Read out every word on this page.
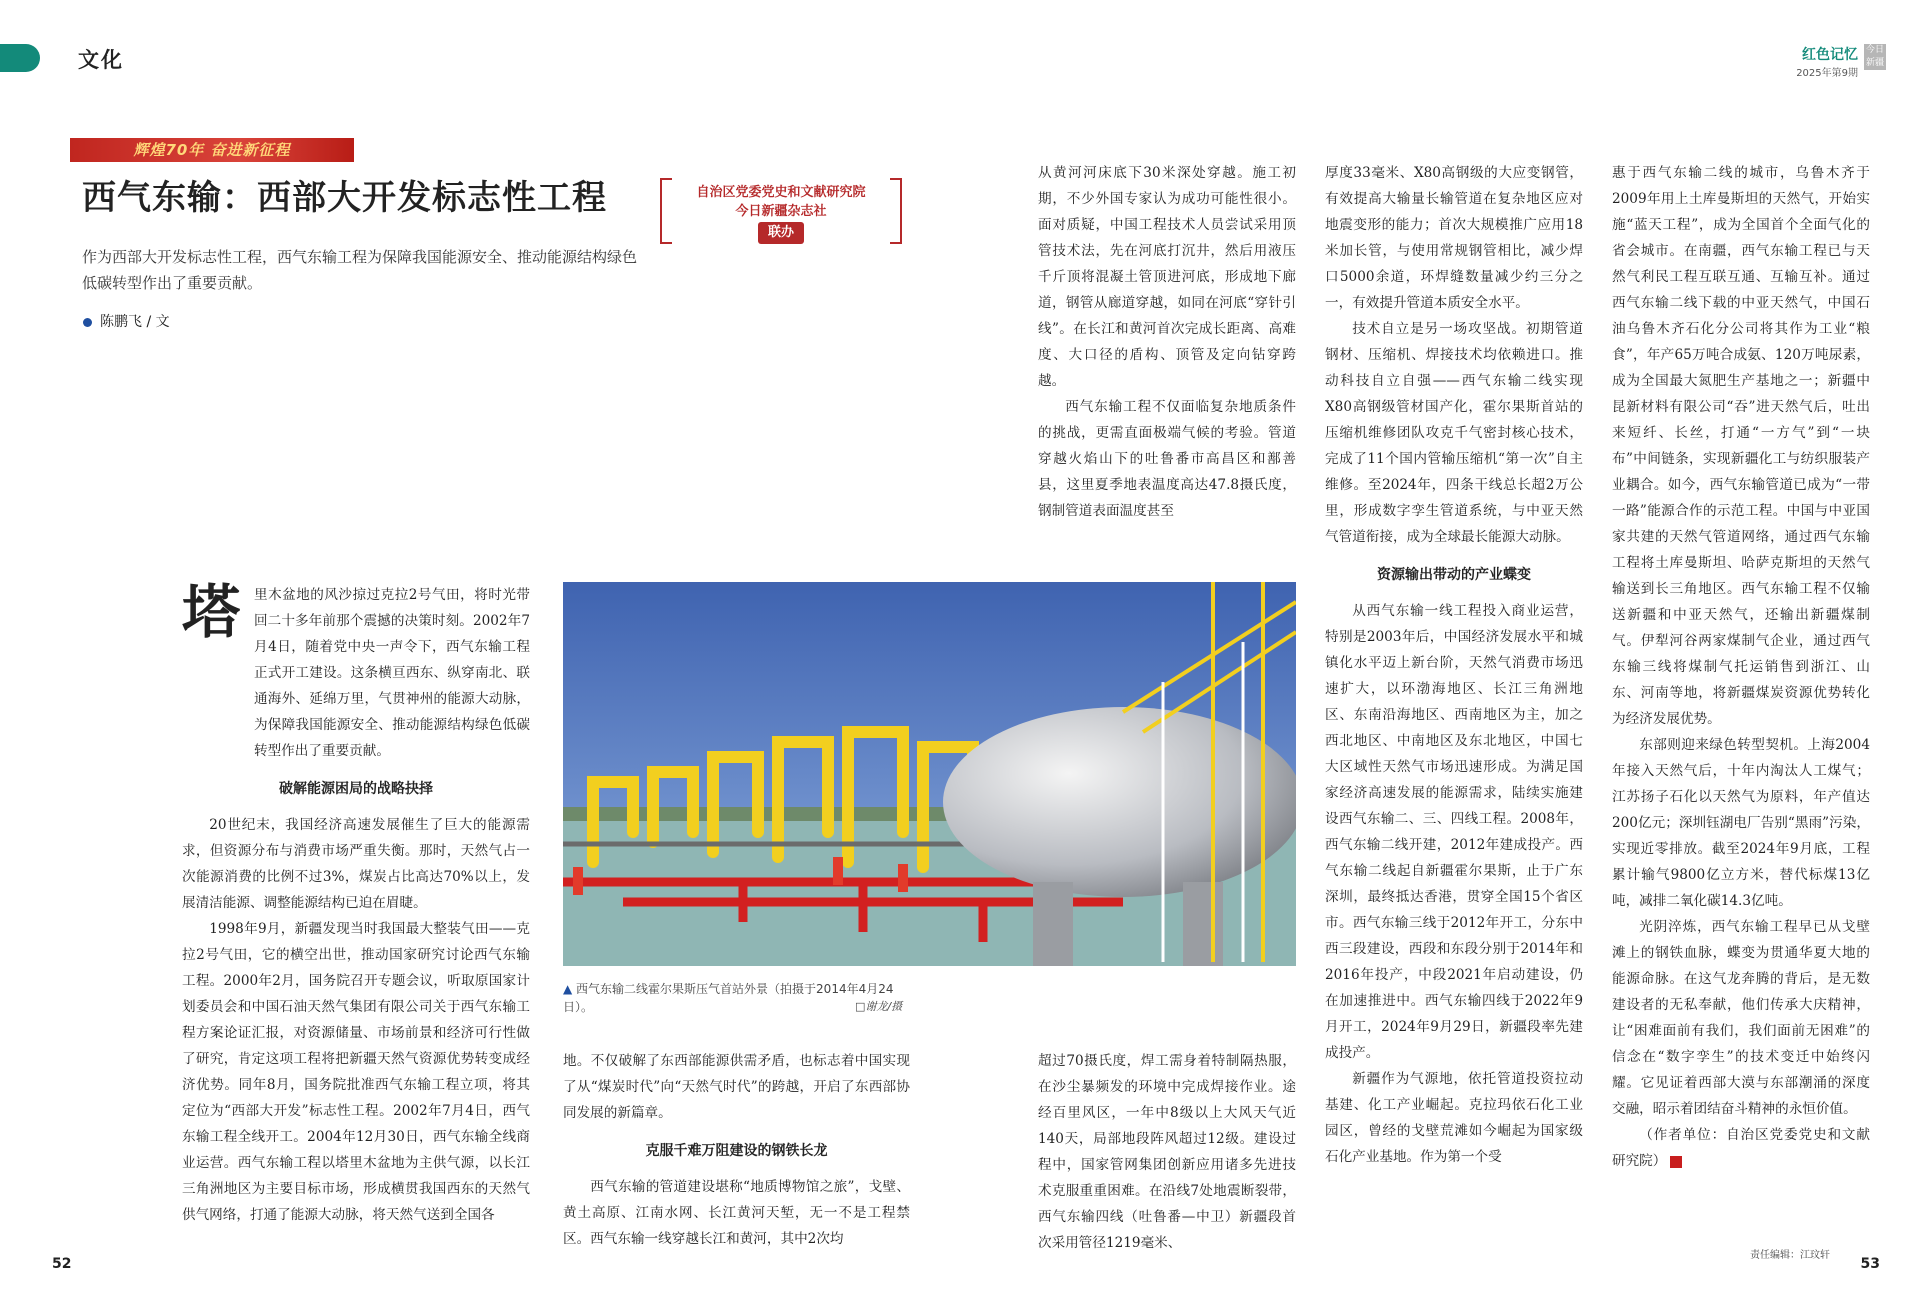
文化	红色记忆
2025年第9期
今日新疆
辉煌70年 奋进新征程
西气东输：西部大开发标志性工程
作为西部大开发标志性工程，西气东输工程为保障我国能源安全、推动能源结构绿色低碳转型作出了重要贡献。
陈鹏飞 / 文
自治区党委党史和文献研究院
今日新疆杂志社
联办
塔	里木盆地的风沙掠过克拉2号气田，将时光带回二十多年前那个震撼的决策时刻。2002年7月4日，随着党中央一声令下，西气东输工程正式开工建设。这条横亘西东、纵穿南北、联通海外、延绵万里，气贯神州的能源大动脉，为保障我国能源安全、推动能源结构绿色低碳转型作出了重要贡献。

破解能源困局的战略抉择

20世纪末，我国经济高速发展催生了巨大的能源需求，但资源分布与消费市场严重失衡。那时，天然气占一次能源消费的比例不过3%，煤炭占比高达70%以上，发展清洁能源、调整能源结构已迫在眉睫。

1998年9月，新疆发现当时我国最大整装气田——克拉2号气田，它的横空出世，推动国家研究讨论西气东输工程。2000年2月，国务院召开专题会议，听取原国家计划委员会和中国石油天然气集团有限公司关于西气东输工程方案论证汇报，对资源储量、市场前景和经济可行性做了研究，肯定这项工程将把新疆天然气资源优势转变成经济优势。同年8月，国务院批准西气东输工程立项，将其定位为“西部大开发”标志性工程。2002年7月4日，西气东输工程全线开工。2004年12月30日，西气东输全线商业运营。西气东输工程以塔里木盆地为主供气源，以长江三角洲地区为主要目标市场，形成横贯我国西东的天然气供气网络，打通了能源大动脉，将天然气送到全国各

▲ 西气东输二线霍尔果斯压气首站外景（拍摄于2014年4月24日）。	□谢龙/摄

地。不仅破解了东西部能源供需矛盾，也标志着中国实现了从“煤炭时代”向“天然气时代”的跨越，开启了东西部协同发展的新篇章。

克服千难万阻建设的钢铁长龙

西气东输的管道建设堪称“地质博物馆之旅”，戈壁、黄土高原、江南水网、长江黄河天堑，无一不是工程禁区。西气东输一线穿越长江和黄河，其中2次均

从黄河河床底下30米深处穿越。施工初期，不少外国专家认为成功可能性很小。面对质疑，中国工程技术人员尝试采用顶管技术法，先在河底打沉井，然后用液压千斤顶将混凝土管顶进河底，形成地下廊道，钢管从廊道穿越，如同在河底“穿针引线”。在长江和黄河首次完成长距离、高难度、大口径的盾构、顶管及定向钻穿跨越。

西气东输工程不仅面临复杂地质条件的挑战，更需直面极端气候的考验。管道穿越火焰山下的吐鲁番市高昌区和鄯善县，这里夏季地表温度高达47.8摄氏度，钢制管道表面温度甚至

超过70摄氏度，焊工需身着特制隔热服，在沙尘暴频发的环境中完成焊接作业。途经百里风区，一年中8级以上大风天气近140天，局部地段阵风超过12级。建设过程中，国家管网集团创新应用诸多先进技术克服重重困难。在沿线7处地震断裂带，西气东输四线（吐鲁番—中卫）新疆段首次采用管径1219毫米、

厚度33毫米、X80高钢级的大应变钢管，有效提高大输量长输管道在复杂地区应对地震变形的能力；首次大规模推广应用18米加长管，与使用常规钢管相比，减少焊口5000余道，环焊缝数量减少约三分之一，有效提升管道本质安全水平。

技术自立是另一场攻坚战。初期管道钢材、压缩机、焊接技术均依赖进口。推动科技自立自强——西气东输二线实现X80高钢级管材国产化，霍尔果斯首站的压缩机维修团队攻克千气密封核心技术，完成了11个国内管输压缩机“第一次”自主维修。至2024年，四条干线总长超2万公里，形成数字孪生管道系统，与中亚天然气管道衔接，成为全球最长能源大动脉。

资源输出带动的产业蝶变

从西气东输一线工程投入商业运营，特别是2003年后，中国经济发展水平和城镇化水平迈上新台阶，天然气消费市场迅速扩大，以环渤海地区、长江三角洲地区、东南沿海地区、西南地区为主，加之西北地区、中南地区及东北地区，中国七大区域性天然气市场迅速形成。为满足国家经济高速发展的能源需求，陆续实施建设西气东输二、三、四线工程。2008年，西气东输二线开建，2012年建成投产。西气东输二线起自新疆霍尔果斯，止于广东深圳，最终抵达香港，贯穿全国15个省区市。西气东输三线于2012年开工，分东中西三段建设，西段和东段分别于2014年和2016年投产，中段2021年启动建设，仍在加速推进中。西气东输四线于2022年9月开工，2024年9月29日，新疆段率先建成投产。

新疆作为气源地，依托管道投资拉动基建、化工产业崛起。克拉玛依石化工业园区，曾经的戈壁荒滩如今崛起为国家级石化产业基地。作为第一个受

惠于西气东输二线的城市，乌鲁木齐于2009年用上土库曼斯坦的天然气，开始实施“蓝天工程”，成为全国首个全面气化的省会城市。在南疆，西气东输工程已与天然气利民工程互联互通、互输互补。通过西气东输二线下载的中亚天然气，中国石油乌鲁木齐石化分公司将其作为工业“粮食”，年产65万吨合成氨、120万吨尿素，成为全国最大氮肥生产基地之一；新疆中昆新材料有限公司“吞”进天然气后，吐出来短纤、长丝，打通“一方气”到“一块布”中间链条，实现新疆化工与纺织服装产业耦合。如今，西气东输管道已成为“一带一路”能源合作的示范工程。中国与中亚国家共建的天然气管道网络，通过西气东输工程将土库曼斯坦、哈萨克斯坦的天然气输送到长三角地区。西气东输工程不仅输送新疆和中亚天然气，还输出新疆煤制气。伊犁河谷两家煤制气企业，通过西气东输三线将煤制气托运销售到浙江、山东、河南等地，将新疆煤炭资源优势转化为经济发展优势。

东部则迎来绿色转型契机。上海2004年接入天然气后，十年内淘汰人工煤气；江苏扬子石化以天然气为原料，年产值达200亿元；深圳钰湖电厂告别“黑雨”污染，实现近零排放。截至2024年9月底，工程累计输气9800亿立方米，替代标煤13亿吨，减排二氧化碳14.3亿吨。

光阴淬炼，西气东输工程早已从戈壁滩上的钢铁血脉，蝶变为贯通华夏大地的能源命脉。在这气龙奔腾的背后，是无数建设者的无私奉献，他们传承大庆精神，让“困难面前有我们，我们面前无困难”的信念在“数字孪生”的技术变迁中始终闪耀。它见证着西部大漠与东部潮涌的深度交融，昭示着团结奋斗精神的永恒价值。

（作者单位：自治区党委党史和文献研究院）

52	53
责任编辑：江玟轩
